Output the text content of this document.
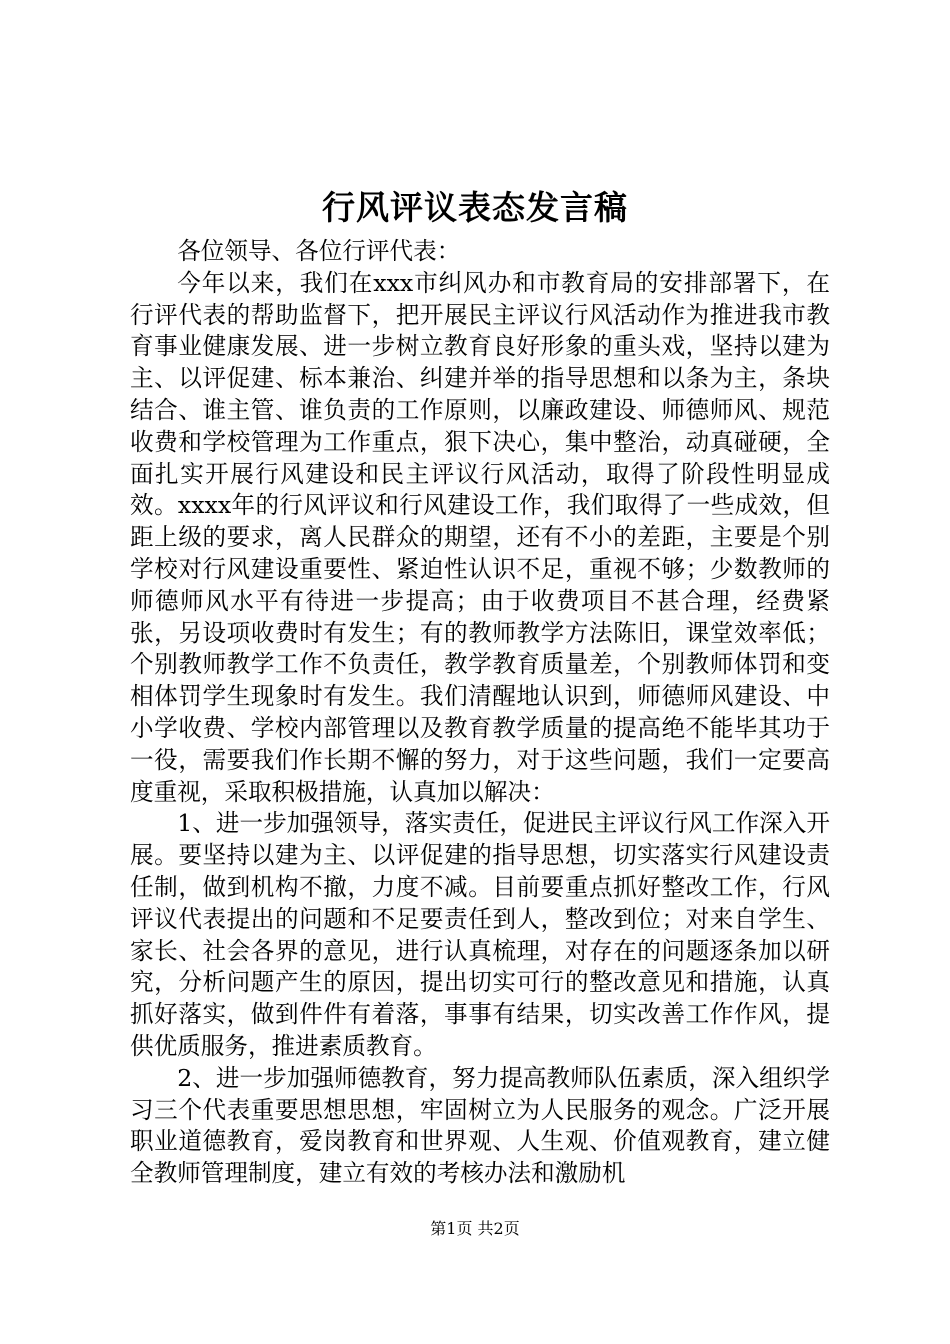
行风评议表态发言稿

各位领导、各位行评代表：

今年以来，我们在xxx市纠风办和市教育局的安排部署下，在行评代表的帮助监督下，把开展民主评议行风活动作为推进我市教育事业健康发展、进一步树立教育良好形象的重头戏，坚持以建为主、以评促建、标本兼治、纠建并举的指导思想和以条为主，条块结合、谁主管、谁负责的工作原则，以廉政建设、师德师风、规范收费和学校管理为工作重点，狠下决心，集中整治，动真碰硬，全面扎实开展行风建设和民主评议行风活动，取得了阶段性明显成效。xxxx年的行风评议和行风建设工作，我们取得了一些成效，但距上级的要求，离人民群众的期望，还有不小的差距，主要是个别学校对行风建设重要性、紧迫性认识不足，重视不够；少数教师的师德师风水平有待进一步提高；由于收费项目不甚合理，经费紧张，另设项收费时有发生；有的教师教学方法陈旧，课堂效率低；个别教师教学工作不负责任，教学教育质量差，个别教师体罚和变相体罚学生现象时有发生。我们清醒地认识到，师德师风建设、中小学收费、学校内部管理以及教育教学质量的提高绝不能毕其功于一役，需要我们作长期不懈的努力，对于这些问题，我们一定要高度重视，采取积极措施，认真加以解决：

1、进一步加强领导，落实责任，促进民主评议行风工作深入开展。要坚持以建为主、以评促建的指导思想，切实落实行风建设责任制，做到机构不撤，力度不减。目前要重点抓好整改工作，行风评议代表提出的问题和不足要责任到人，整改到位；对来自学生、家长、社会各界的意见，进行认真梳理，对存在的问题逐条加以研究，分析问题产生的原因，提出切实可行的整改意见和措施，认真抓好落实，做到件件有着落，事事有结果，切实改善工作作风，提供优质服务，推进素质教育。

2、进一步加强师德教育，努力提高教师队伍素质，深入组织学习三个代表重要思想思想，牢固树立为人民服务的观念。广泛开展职业道德教育，爱岗教育和世界观、人生观、价值观教育，建立健全教师管理制度，建立有效的考核办法和激励机

第1页 共2页
